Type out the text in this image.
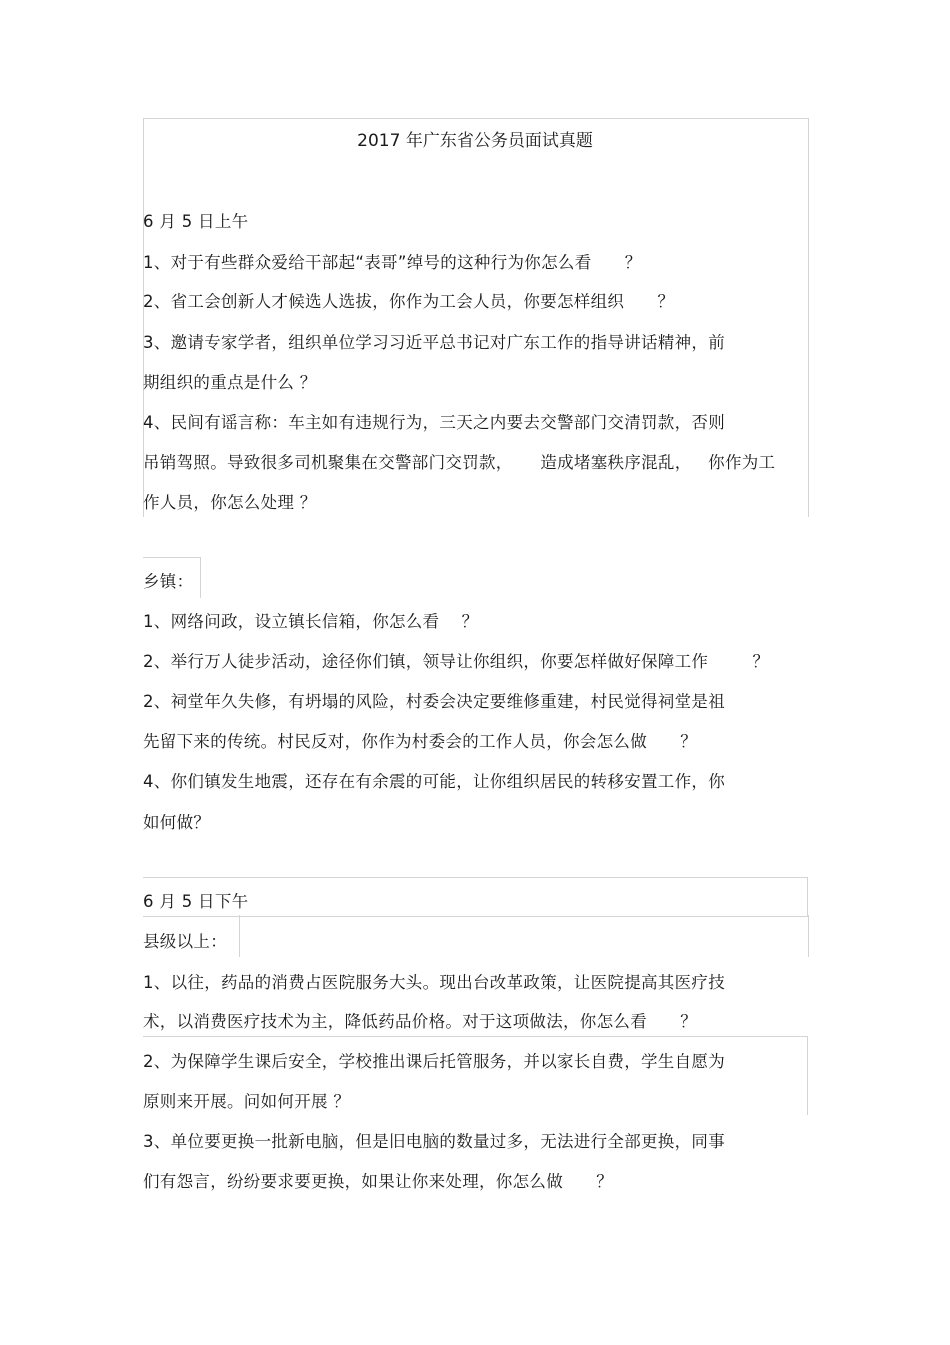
2017 年广东省公务员面试真题
6 月 5 日上午
1、对于有些群众爱给干部起“表哥”绰号的这种行为你怎么看      ？
2、省工会创新人才候选人选拔，你作为工会人员，你要怎样组织      ？
3、邀请专家学者，组织单位学习习近平总书记对广东工作的指导讲话精神，前
期组织的重点是什么 ？
4、民间有谣言称：车主如有违规行为，三天之内要去交警部门交清罚款，否则
吊销驾照。导致很多司机聚集在交警部门交罚款，     造成堵塞秩序混乱，   你作为工
作人员，你怎么处理 ？
乡镇：
1、网络问政，设立镇长信箱，你怎么看    ？
2、举行万人徒步活动，途径你们镇，领导让你组织，你要怎样做好保障工作        ？
2、祠堂年久失修，有坍塌的风险，村委会决定要维修重建，村民觉得祠堂是祖
先留下来的传统。村民反对，你作为村委会的工作人员，你会怎么做      ？
4、你们镇发生地震，还存在有余震的可能，让你组织居民的转移安置工作，你
如何做？
6 月 5 日下午
县级以上：
1、以往，药品的消费占医院服务大头。现出台改革政策，让医院提高其医疗技
术，以消费医疗技术为主，降低药品价格。对于这项做法，你怎么看      ？
2、为保障学生课后安全，学校推出课后托管服务，并以家长自费，学生自愿为
原则来开展。问如何开展 ？
3、单位要更换一批新电脑，但是旧电脑的数量过多，无法进行全部更换，同事
们有怨言，纷纷要求要更换，如果让你来处理，你怎么做      ？
